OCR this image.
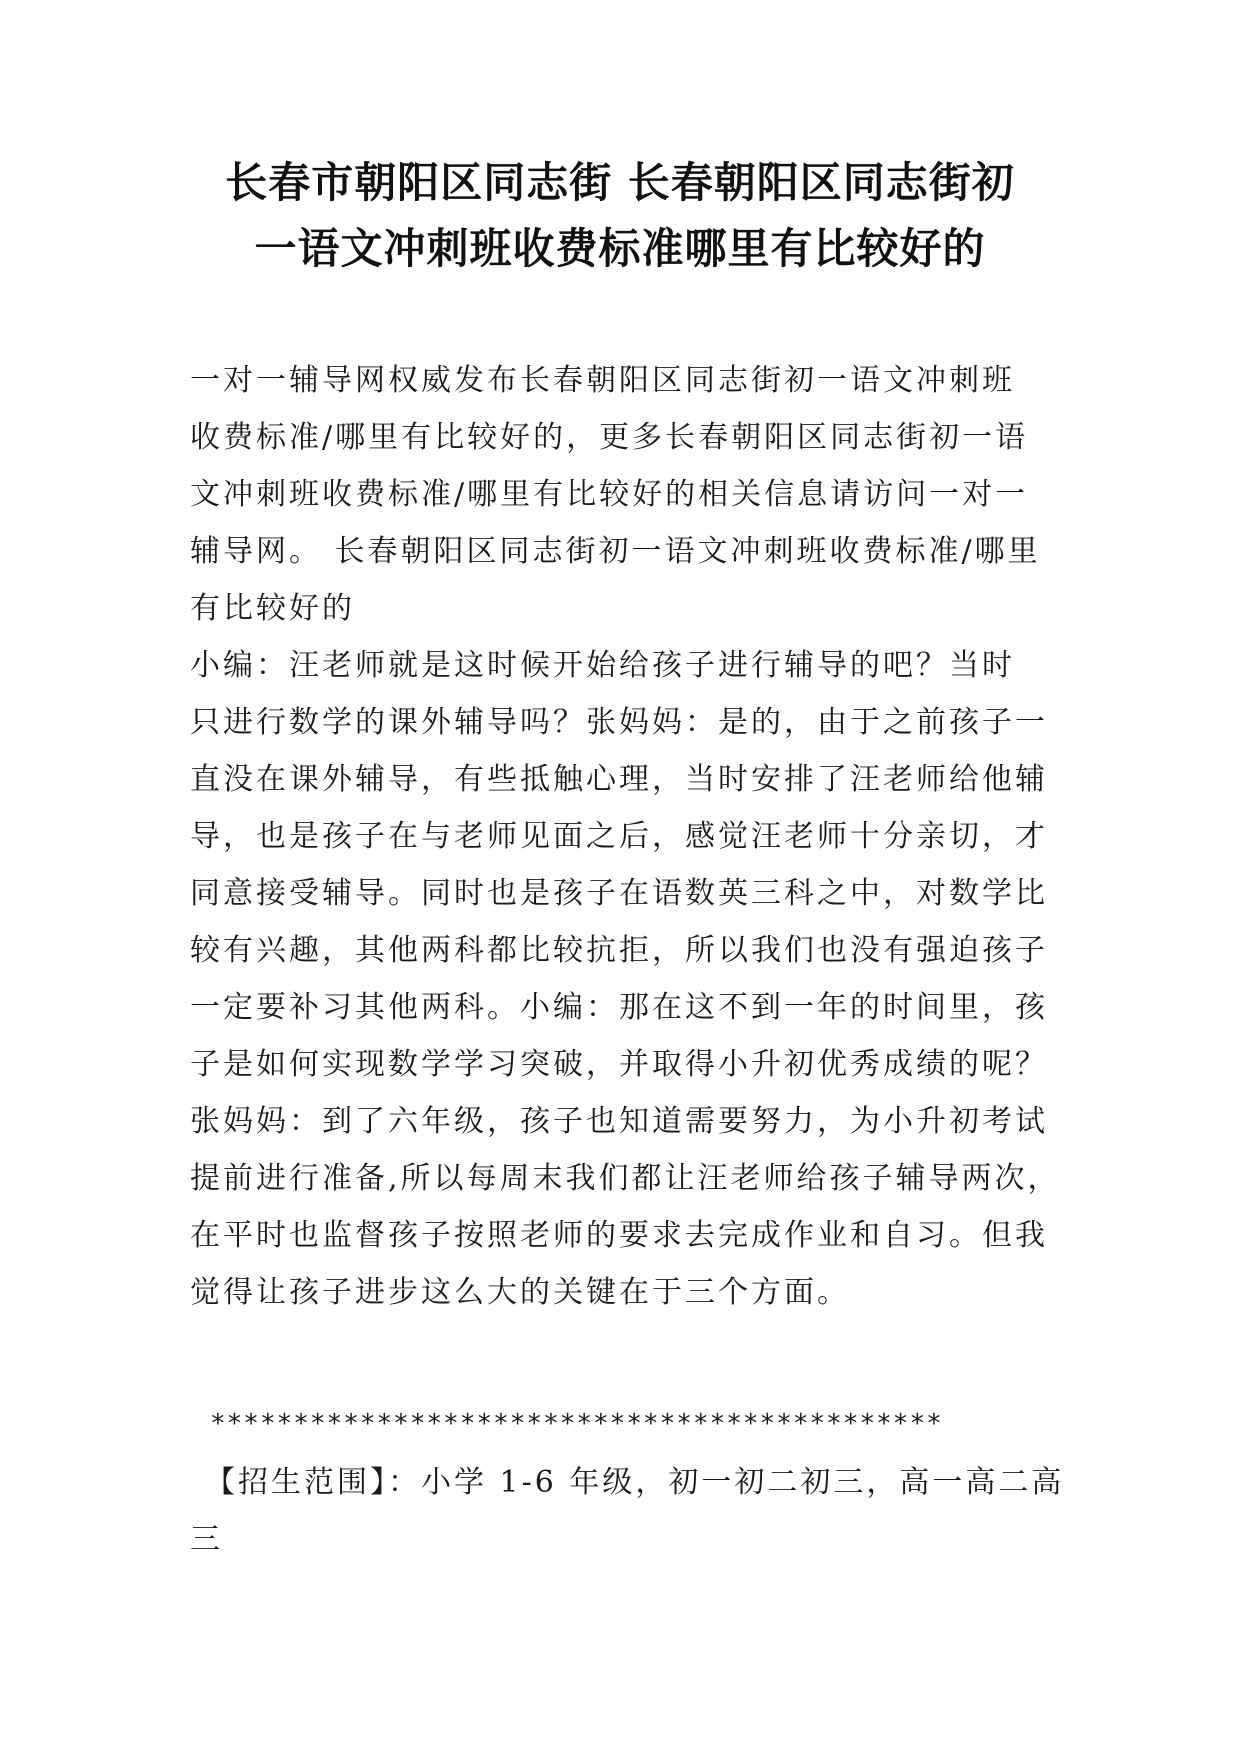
长春市朝阳区同志街 长春朝阳区同志街初
一语文冲刺班收费标准哪里有比较好的
一对一辅导网权威发布长春朝阳区同志街初一语文冲刺班
收费标准/哪里有比较好的，更多长春朝阳区同志街初一语
文冲刺班收费标准/哪里有比较好的相关信息请访问一对一
辅导网。 长春朝阳区同志街初一语文冲刺班收费标准/哪里
有比较好的
小编：汪老师就是这时候开始给孩子进行辅导的吧？当时
只进行数学的课外辅导吗？张妈妈：是的，由于之前孩子一
直没在课外辅导，有些抵触心理，当时安排了汪老师给他辅
导，也是孩子在与老师见面之后，感觉汪老师十分亲切，才
同意接受辅导。同时也是孩子在语数英三科之中，对数学比
较有兴趣，其他两科都比较抗拒，所以我们也没有强迫孩子
一定要补习其他两科。小编：那在这不到一年的时间里，孩
子是如何实现数学学习突破，并取得小升初优秀成绩的呢？
张妈妈：到了六年级，孩子也知道需要努力，为小升初考试
提前进行准备,所以每周末我们都让汪老师给孩子辅导两次，
在平时也监督孩子按照老师的要求去完成作业和自习。但我
觉得让孩子进步这么大的关键在于三个方面。
********************************************
【招生范围】：小学 1-6 年级，初一初二初三，高一高二高
三
